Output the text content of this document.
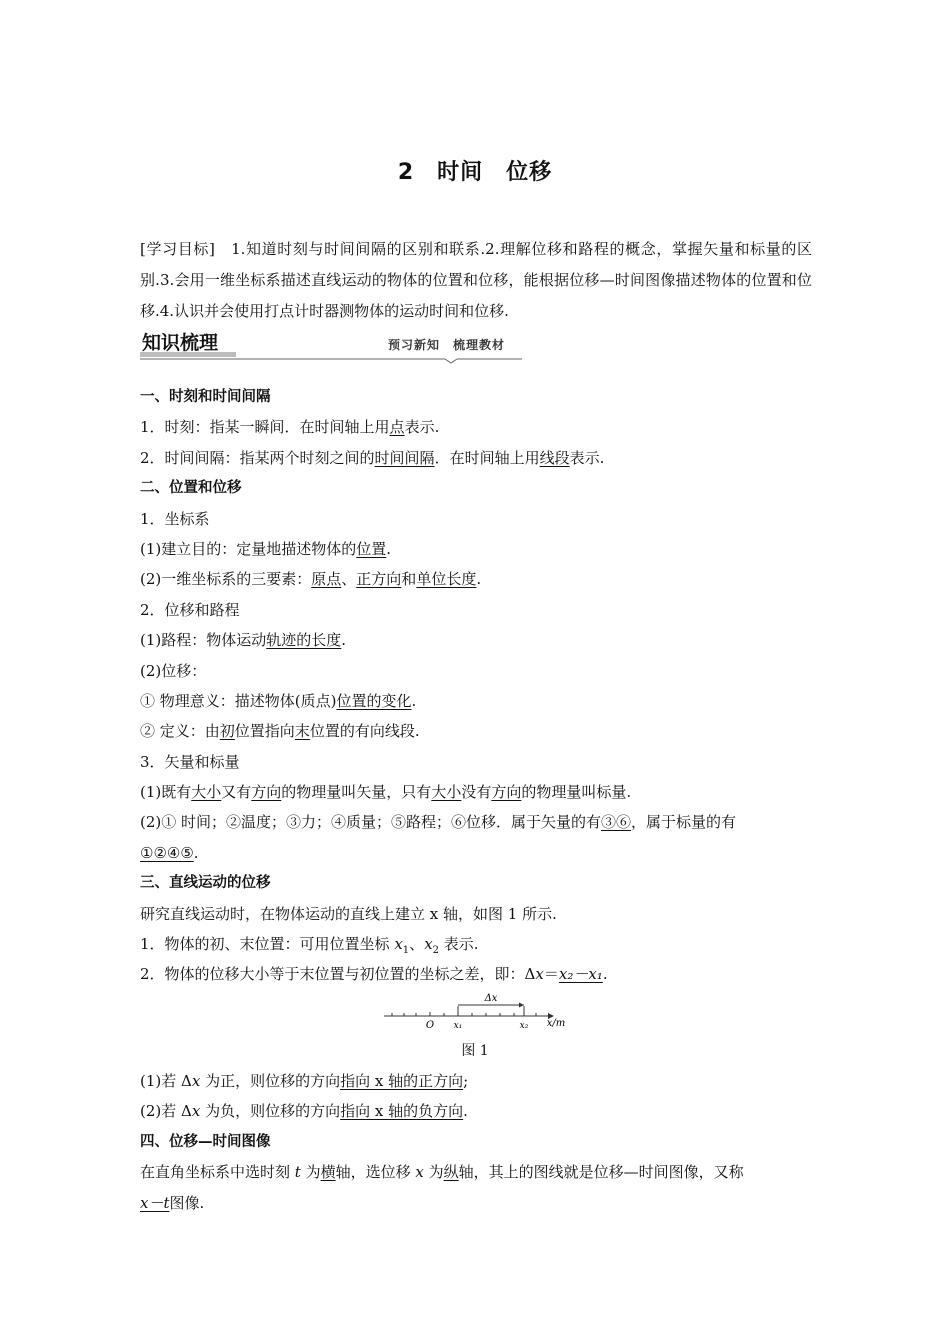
2　时间　位移
[学习目标]　1.知道时刻与时间间隔的区别和联系.2.理解位移和路程的概念，掌握矢量和标量的区别.3.会用一维坐标系描述直线运动的物体的位置和位移，能根据位移—时间图像描述物体的位置和位移.4.认识并会使用打点计时器测物体的运动时间和位移.
知识梳理	预习新知　梳理教材
一、时刻和时间间隔
1．时刻：指某一瞬间．在时间轴上用点表示.
2．时间间隔：指某两个时刻之间的时间间隔．在时间轴上用线段表示.
二、位置和位移
1．坐标系
(1)建立目的：定量地描述物体的位置.
(2)一维坐标系的三要素：原点、正方向和单位长度.
2．位移和路程
(1)路程：物体运动轨迹的长度.
(2)位移：
① 物理意义：描述物体(质点)位置的变化.
② 定义：由初位置指向末位置的有向线段.
3．矢量和标量
(1)既有大小又有方向的物理量叫矢量，只有大小没有方向的物理量叫标量.
(2)① 时间；②温度；③力；④质量；⑤路程；⑥位移．属于矢量的有③⑥，属于标量的有
①②④⑤.
三、直线运动的位移
研究直线运动时，在物体运动的直线上建立 x 轴，如图 1 所示.
1．物体的初、末位置：可用位置坐标 $x_1$、$x_2$ 表示.
2．物体的位移大小等于末位置与初位置的坐标之差，即：Δx＝x₂－x₁.
Δx
O x₁	x₂ x/m
图 1
(1)若 Δx 为正，则位移的方向指向 x 轴的正方向;
(2)若 Δx 为负，则位移的方向指向 x 轴的负方向.
四、位移—时间图像
在直角坐标系中选时刻 t 为横轴，选位移 x 为纵轴，其上的图线就是位移—时间图像，又称
x－t图像.
